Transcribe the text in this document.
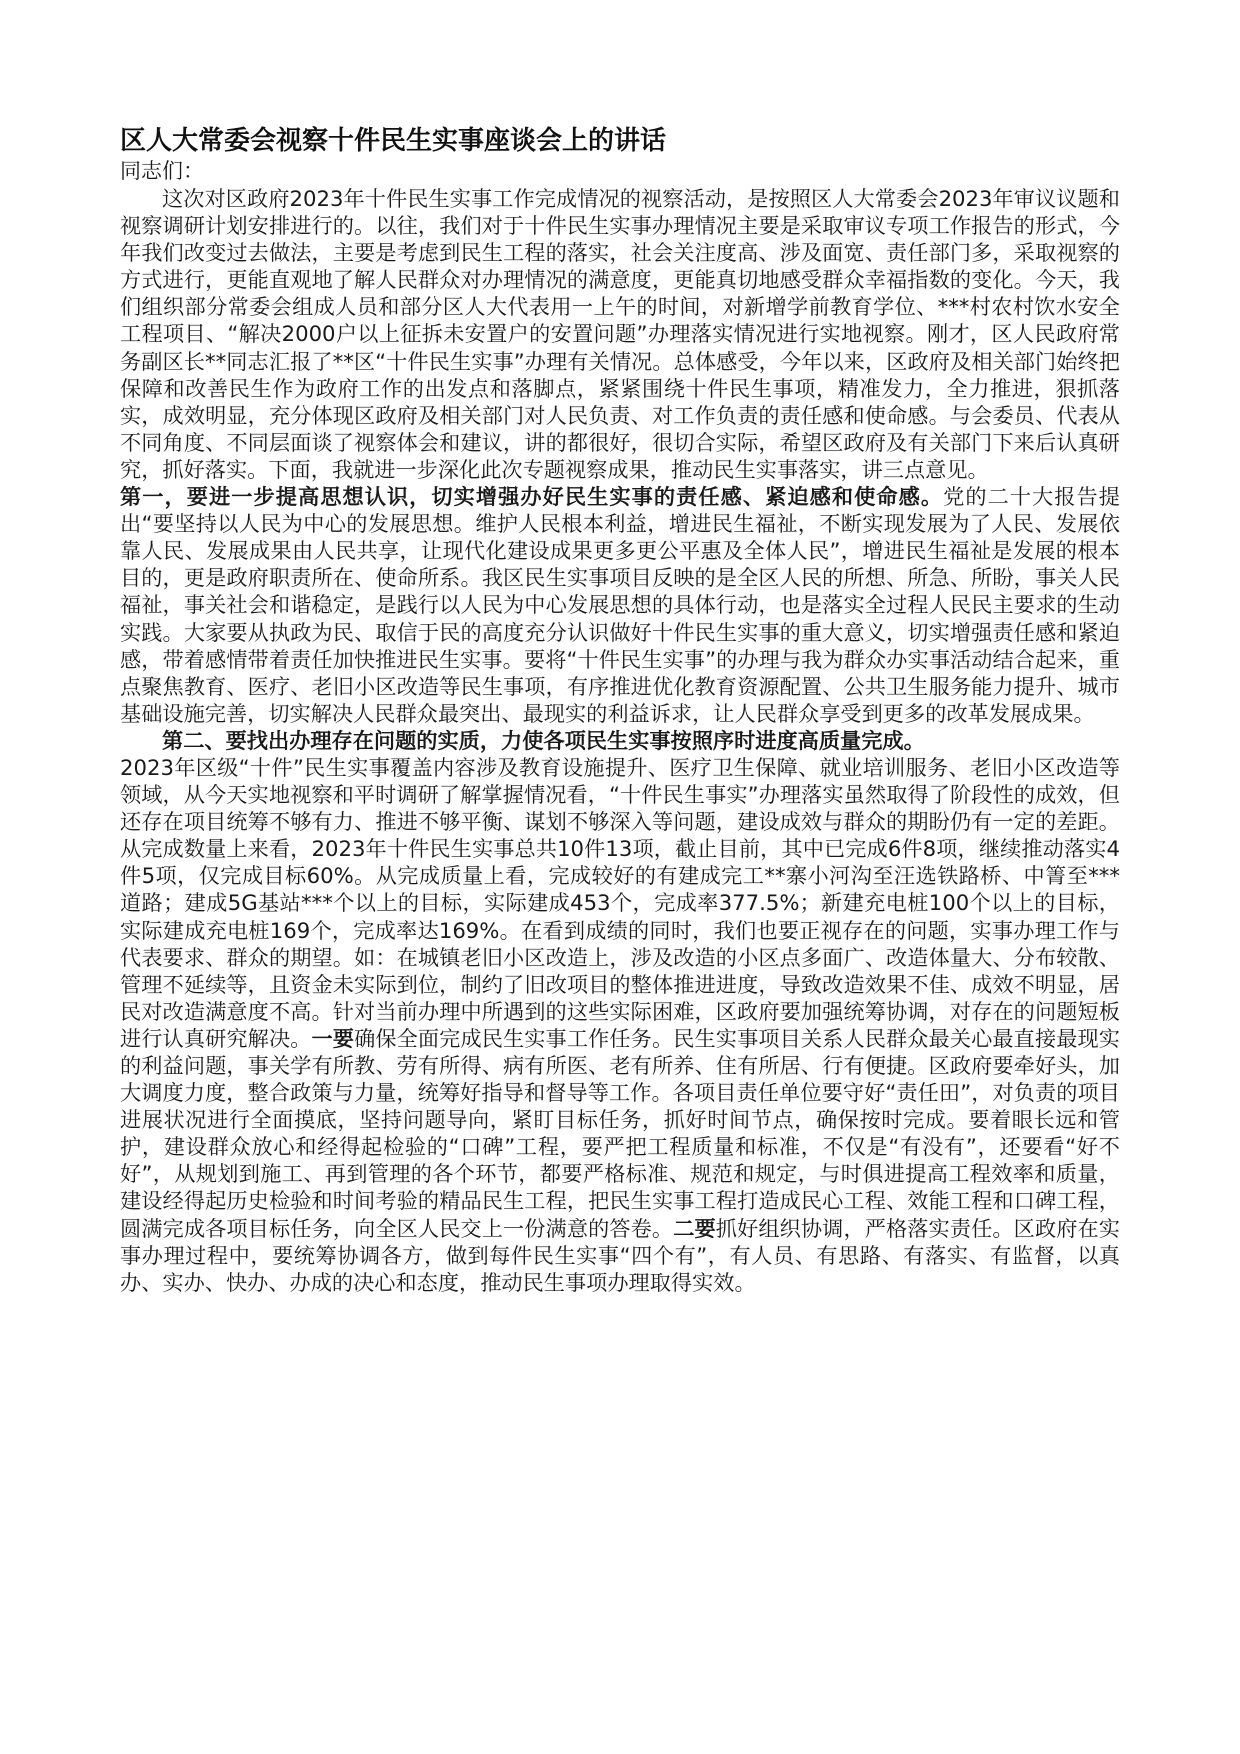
区人大常委会视察十件民生实事座谈会上的讲话

同志们：

这次对区政府2023年十件民生实事工作完成情况的视察活动，是按照区人大常委会2023年审议议题和视察调研计划安排进行的。以往，我们对于十件民生实事办理情况主要是采取审议专项工作报告的形式，今年我们改变过去做法，主要是考虑到民生工程的落实，社会关注度高、涉及面宽、责任部门多，采取视察的方式进行，更能直观地了解人民群众对办理情况的满意度，更能真切地感受群众幸福指数的变化。今天，我们组织部分常委会组成人员和部分区人大代表用一上午的时间，对新增学前教育学位、***村农村饮水安全工程项目、“解决2000户以上征拆未安置户的安置问题”办理落实情况进行实地视察。刚才，区人民政府常务副区长**同志汇报了**区“十件民生实事”办理有关情况。总体感受，今年以来，区政府及相关部门始终把保障和改善民生作为政府工作的出发点和落脚点，紧紧围绕十件民生事项，精准发力，全力推进，狠抓落实，成效明显，充分体现区政府及相关部门对人民负责、对工作负责的责任感和使命感。与会委员、代表从不同角度、不同层面谈了视察体会和建议，讲的都很好，很切合实际，希望区政府及有关部门下来后认真研究，抓好落实。下面，我就进一步深化此次专题视察成果，推动民生实事落实，讲三点意见。

第一，要进一步提高思想认识，切实增强办好民生实事的责任感、紧迫感和使命感。党的二十大报告提出“要坚持以人民为中心的发展思想。维护人民根本利益，增进民生福祉，不断实现发展为了人民、发展依靠人民、发展成果由人民共享，让现代化建设成果更多更公平惠及全体人民”，增进民生福祉是发展的根本目的，更是政府职责所在、使命所系。我区民生实事项目反映的是全区人民的所想、所急、所盼，事关人民福祉，事关社会和谐稳定，是践行以人民为中心发展思想的具体行动，也是落实全过程人民民主要求的生动实践。大家要从执政为民、取信于民的高度充分认识做好十件民生实事的重大意义，切实增强责任感和紧迫感，带着感情带着责任加快推进民生实事。要将“十件民生实事”的办理与我为群众办实事活动结合起来，重点聚焦教育、医疗、老旧小区改造等民生事项，有序推进优化教育资源配置、公共卫生服务能力提升、城市基础设施完善，切实解决人民群众最突出、最现实的利益诉求，让人民群众享受到更多的改革发展成果。

第二、要找出办理存在问题的实质，力使各项民生实事按照序时进度高质量完成。

2023年区级“十件”民生实事覆盖内容涉及教育设施提升、医疗卫生保障、就业培训服务、老旧小区改造等领域，从今天实地视察和平时调研了解掌握情况看，“十件民生事实”办理落实虽然取得了阶段性的成效，但还存在项目统筹不够有力、推进不够平衡、谋划不够深入等问题，建设成效与群众的期盼仍有一定的差距。从完成数量上来看，2023年十件民生实事总共10件13项，截止目前，其中已完成6件8项，继续推动落实4件5项，仅完成目标60%。从完成质量上看，完成较好的有建成完工**寨小河沟至汪选铁路桥、中箐至***道路；建成5G基站***个以上的目标，实际建成453个，完成率377.5%；新建充电桩100个以上的目标，实际建成充电桩169个，完成率达169%。在看到成绩的同时，我们也要正视存在的问题，实事办理工作与代表要求、群众的期望。如：在城镇老旧小区改造上，涉及改造的小区点多面广、改造体量大、分布较散、管理不延续等，且资金未实际到位，制约了旧改项目的整体推进进度，导致改造效果不佳、成效不明显，居民对改造满意度不高。针对当前办理中所遇到的这些实际困难，区政府要加强统筹协调，对存在的问题短板进行认真研究解决。一要确保全面完成民生实事工作任务。民生实事项目关系人民群众最关心最直接最现实的利益问题，事关学有所教、劳有所得、病有所医、老有所养、住有所居、行有便捷。区政府要牵好头，加大调度力度，整合政策与力量，统筹好指导和督导等工作。各项目责任单位要守好“责任田”，对负责的项目进展状况进行全面摸底，坚持问题导向，紧盯目标任务，抓好时间节点，确保按时完成。要着眼长远和管护，建设群众放心和经得起检验的“口碑”工程，要严把工程质量和标准，不仅是“有没有”，还要看“好不好”，从规划到施工、再到管理的各个环节，都要严格标准、规范和规定，与时俱进提高工程效率和质量，建设经得起历史检验和时间考验的精品民生工程，把民生实事工程打造成民心工程、效能工程和口碑工程，圆满完成各项目标任务，向全区人民交上一份满意的答卷。二要抓好组织协调，严格落实责任。区政府在实事办理过程中，要统筹协调各方，做到每件民生实事“四个有”，有人员、有思路、有落实、有监督，以真办、实办、快办、办成的决心和态度，推动民生事项办理取得实效。
